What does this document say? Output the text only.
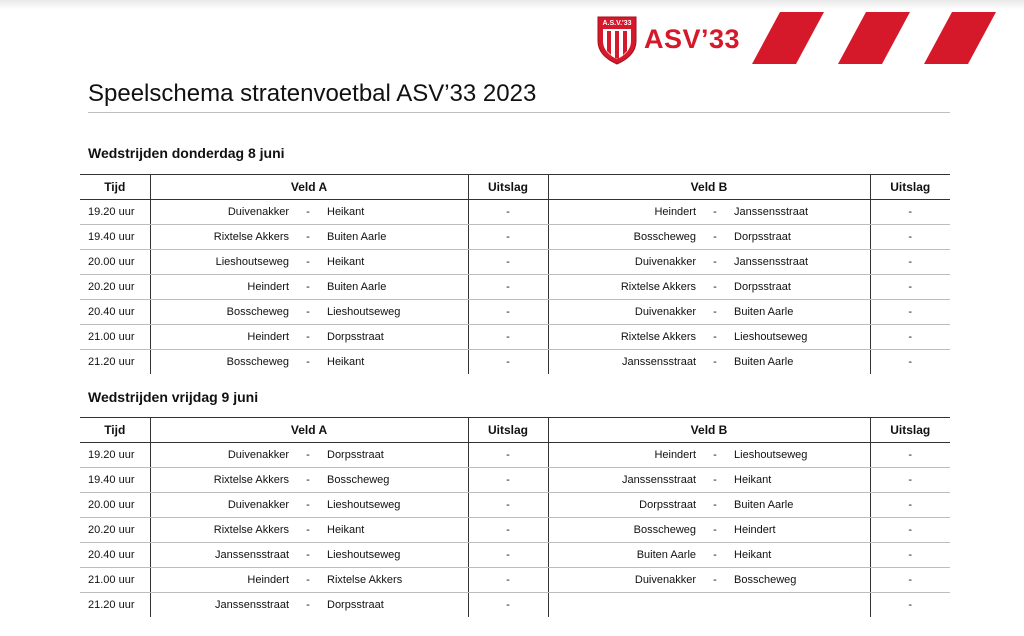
A.S.V.'33 ASV’33
Speelschema stratenvoetbal ASV’33 2023
Wedstrijden donderdag 8 juni
Tijd	Veld A			Uitslag	Veld B			Uitslag
19.20 uur	Duivenakker	-	Heikant	-	Heindert	-	Janssensstraat	-
19.40 uur	Rixtelse Akkers	-	Buiten Aarle	-	Bosscheweg	-	Dorpsstraat	-
20.00 uur	Lieshoutseweg	-	Heikant	-	Duivenakker	-	Janssensstraat	-
20.20 uur	Heindert	-	Buiten Aarle	-	Rixtelse Akkers	-	Dorpsstraat	-
20.40 uur	Bosscheweg	-	Lieshoutseweg	-	Duivenakker	-	Buiten Aarle	-
21.00 uur	Heindert	-	Dorpsstraat	-	Rixtelse Akkers	-	Lieshoutseweg	-
21.20 uur	Bosscheweg	-	Heikant	-	Janssensstraat	-	Buiten Aarle	-
Wedstrijden vrijdag 9 juni
Tijd	Veld A			Uitslag	Veld B			Uitslag
19.20 uur	Duivenakker	-	Dorpsstraat	-	Heindert	-	Lieshoutseweg	-
19.40 uur	Rixtelse Akkers	-	Bosscheweg	-	Janssensstraat	-	Heikant	-
20.00 uur	Duivenakker	-	Lieshoutseweg	-	Dorpsstraat	-	Buiten Aarle	-
20.20 uur	Rixtelse Akkers	-	Heikant	-	Bosscheweg	-	Heindert	-
20.40 uur	Janssensstraat	-	Lieshoutseweg	-	Buiten Aarle	-	Heikant	-
21.00 uur	Heindert	-	Rixtelse Akkers	-	Duivenakker	-	Bosscheweg	-
21.20 uur	Janssensstraat	-	Dorpsstraat	-				-
